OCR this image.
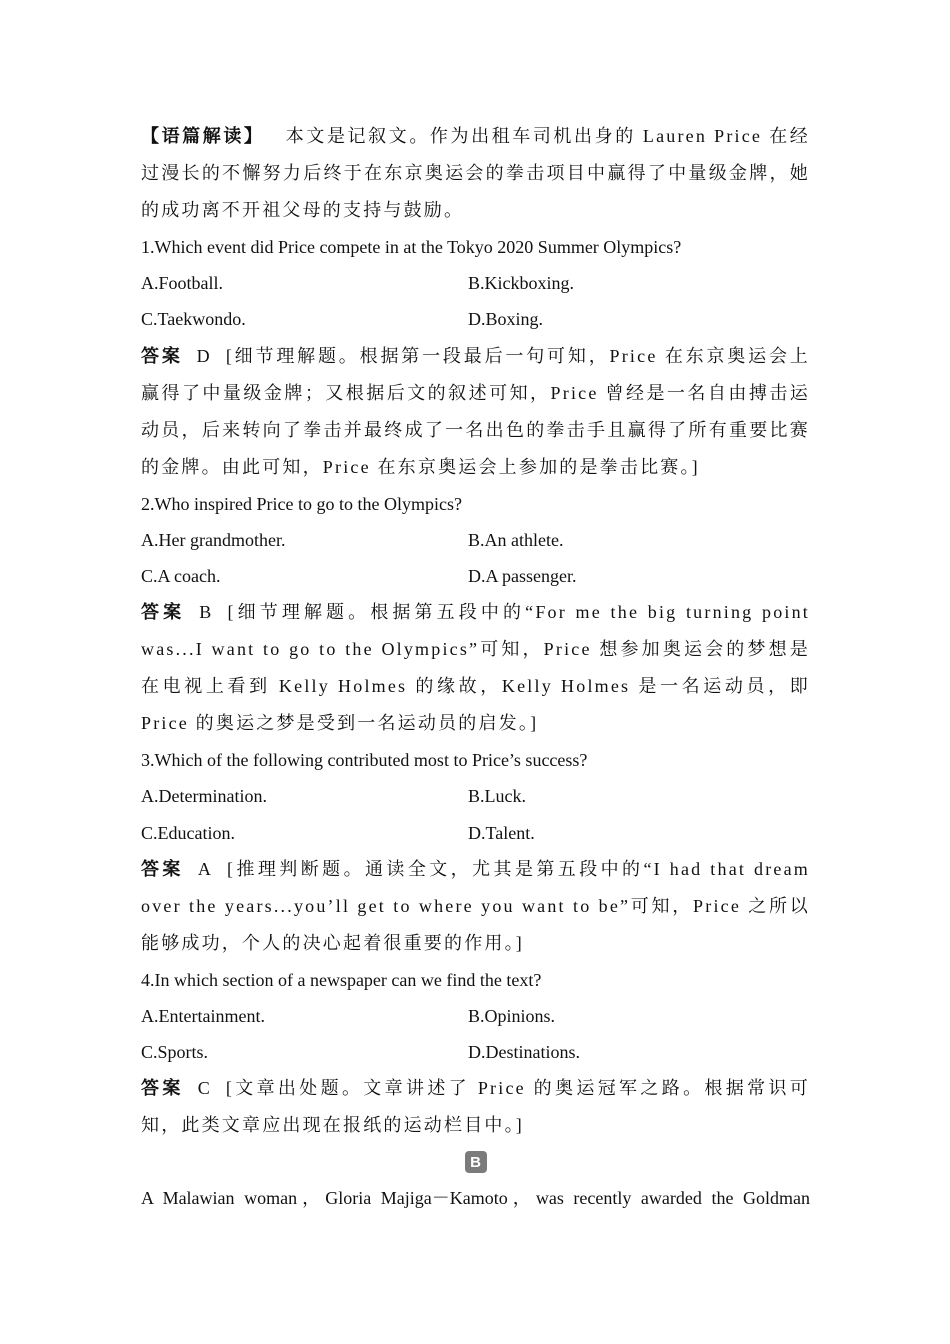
【语篇解读】 本文是记叙文。作为出租车司机出身的 Lauren Price 在经过漫长的不懈努力后终于在东京奥运会的拳击项目中赢得了中量级金牌，她的成功离不开祖父母的支持与鼓励。
1.Which event did Price compete in at the Tokyo 2020 Summer Olympics?
A.Football.	B.Kickboxing.
C.Taekwondo.	D.Boxing.
答案 D [细节理解题。根据第一段最后一句可知，Price 在东京奥运会上赢得了中量级金牌；又根据后文的叙述可知，Price 曾经是一名自由搏击运动员，后来转向了拳击并最终成了一名出色的拳击手且赢得了所有重要比赛的金牌。由此可知，Price 在东京奥运会上参加的是拳击比赛。]
2.Who inspired Price to go to the Olympics?
A.Her grandmother.	B.An athlete.
C.A coach.	D.A passenger.
答案 B [细节理解题。根据第五段中的“For me the big turning point was...I want to go to the Olympics”可知，Price 想参加奥运会的梦想是在电视上看到 Kelly Holmes 的缘故，Kelly Holmes 是一名运动员，即 Price 的奥运之梦是受到一名运动员的启发。]
3.Which of the following contributed most to Price’s success?
A.Determination.	B.Luck.
C.Education.	D.Talent.
答案 A [推理判断题。通读全文，尤其是第五段中的“I had that dream over the years...you’ll get to where you want to be”可知，Price 之所以能够成功，个人的决心起着很重要的作用。]
4.In which section of a newspaper can we find the text?
A.Entertainment.	B.Opinions.
C.Sports.	D.Destinations.
答案 C [文章出处题。文章讲述了 Price 的奥运冠军之路。根据常识可知，此类文章应出现在报纸的运动栏目中。]
B
A Malawian woman，Gloria Majiga－Kamoto，was recently awarded the Goldman
